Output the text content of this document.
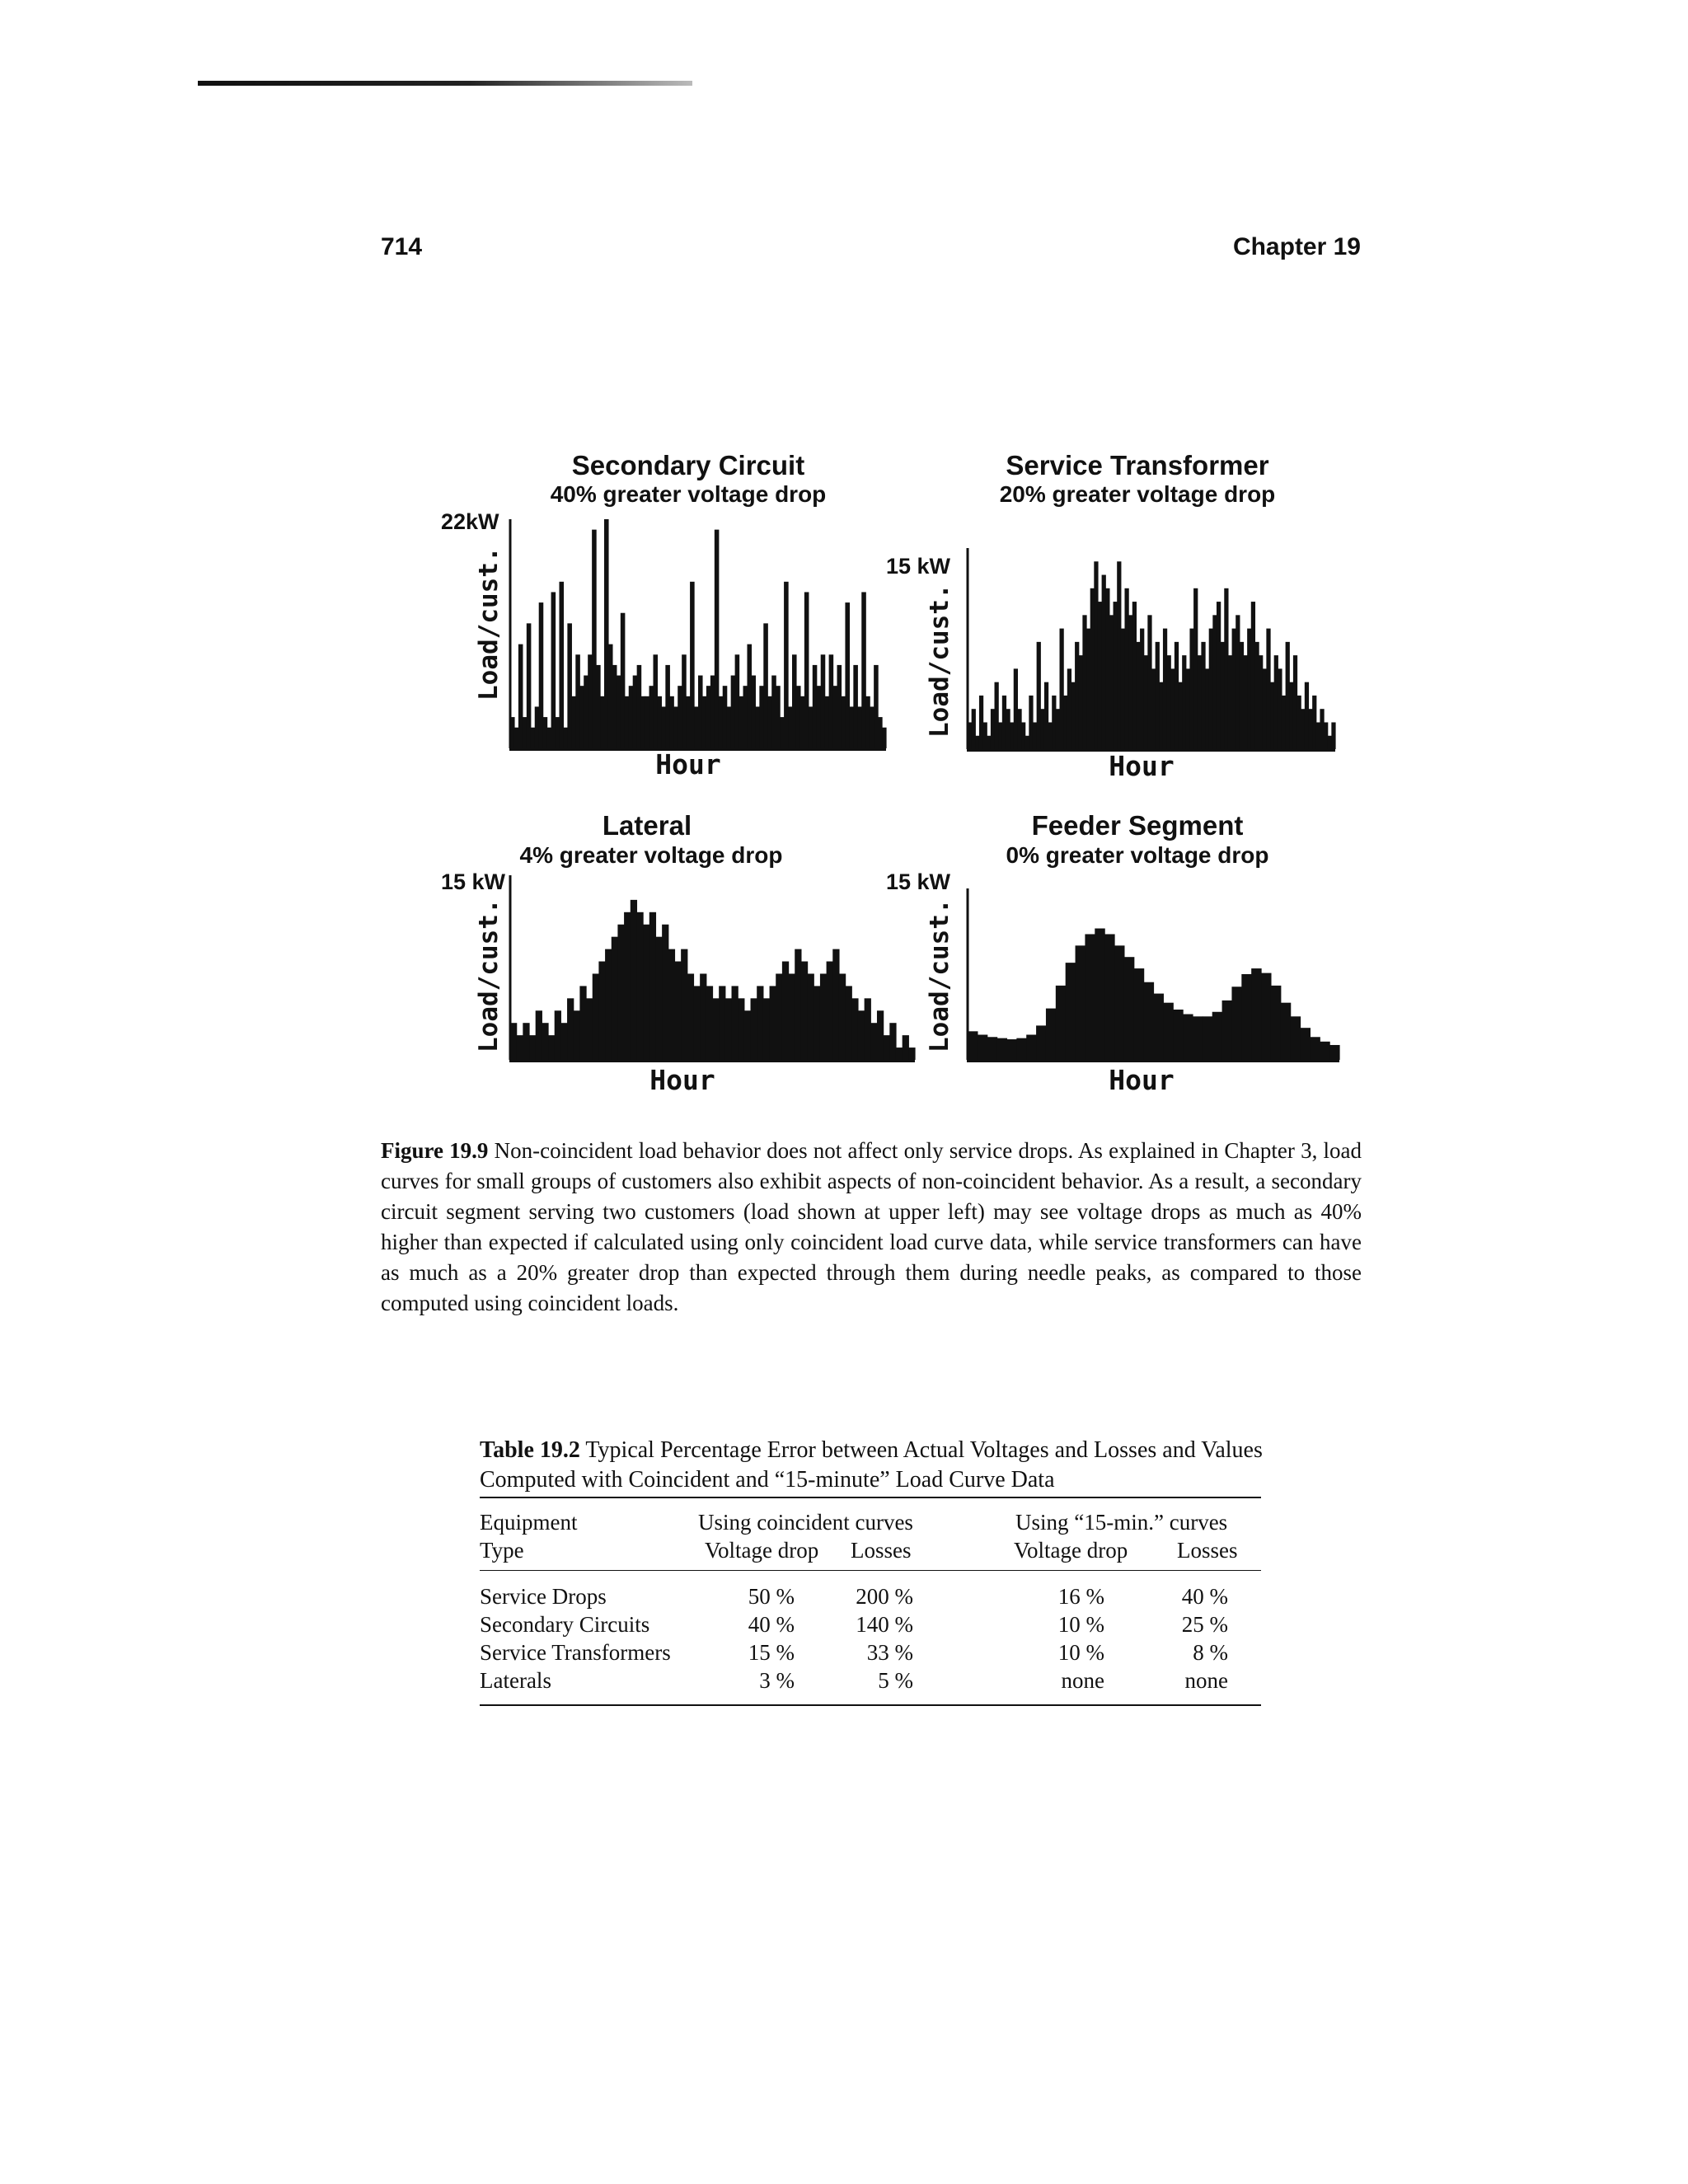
714	Chapter 19
Secondary Circuit
40% greater voltage drop
22kW
Load/cust.
Hour
Service Transformer
20% greater voltage drop
15 kW
Load/cust.
Hour
Lateral
4% greater voltage drop
15 kW
Load/cust.
Hour
Feeder Segment
0% greater voltage drop
15 kW
Load/cust.
Hour
Figure 19.9 Non-coincident load behavior does not affect only service drops. As explained in Chapter 3, load curves for small groups of customers also exhibit aspects of non-coincident behavior. As a result, a secondary circuit segment serving two customers (load shown at upper left) may see voltage drops as much as 40% higher than expected if calculated using only coincident load curve data, while service transformers can have as much as a 20% greater drop than expected through them during needle peaks, as compared to those computed using coincident loads.
Table 19.2 Typical Percentage Error between Actual Voltages and Losses and Values Computed with Coincident and “15-minute” Load Curve Data
Equipment
Type
Using coincident curves	Using “15-min.” curves
Voltage drop Losses	Voltage drop Losses
Service Drops	50 %	200 %	16 %	40 %
Secondary Circuits	40 %	140 %	10 %	25 %
Service Transformers	15 %	33 %	10 %	8 %
Laterals	3 %	5 %	none	none
